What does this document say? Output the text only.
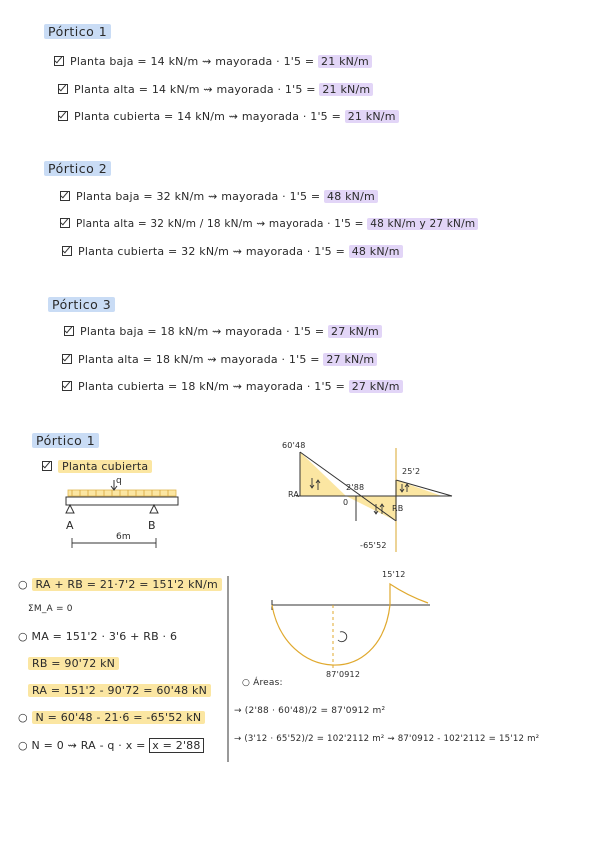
Pórtico 1
Planta baja = 14 kN/m ⇝ mayorada · 1'5 = 21 kN/m
Planta alta = 14 kN/m ⇝ mayorada · 1'5 = 21 kN/m
Planta cubierta = 14 kN/m ⇝ mayorada · 1'5 = 21 kN/m
Pórtico 2
Planta baja = 32 kN/m ⇝ mayorada · 1'5 = 48 kN/m
Planta alta = 32 kN/m / 18 kN/m ⇝ mayorada · 1'5 = 48 kN/m y 27 kN/m
Planta cubierta = 32 kN/m ⇝ mayorada · 1'5 = 48 kN/m
Pórtico 3
Planta baja = 18 kN/m ⇝ mayorada · 1'5 = 27 kN/m
Planta alta = 18 kN/m ⇝ mayorada · 1'5 = 27 kN/m
Planta cubierta = 18 kN/m ⇝ mayorada · 1'5 = 27 kN/m
Pórtico 1
Planta cubierta
q
A	B
6m
60'48
2'88
0
25'2
-65'52
RA
RB
15'12
87'0912
○ RA + RB = 21·7'2 = 151'2 kN/m
ΣM_A = 0
○ MA = 151'2 · 3'6 + RB · 6
RB = 90'72 kN
RA = 151'2 - 90'72 = 60'48 kN
○ N = 60'48 - 21·6 = -65'52 kN
○ N = 0 ⇝ RA - q · x = x = 2'88
○ Áreas:
→ (2'88 · 60'48)/2 = 87'0912 m²
→ (3'12 · 65'52)/2 = 102'2112 m² ⇝ 87'0912 - 102'2112 = 15'12 m²
